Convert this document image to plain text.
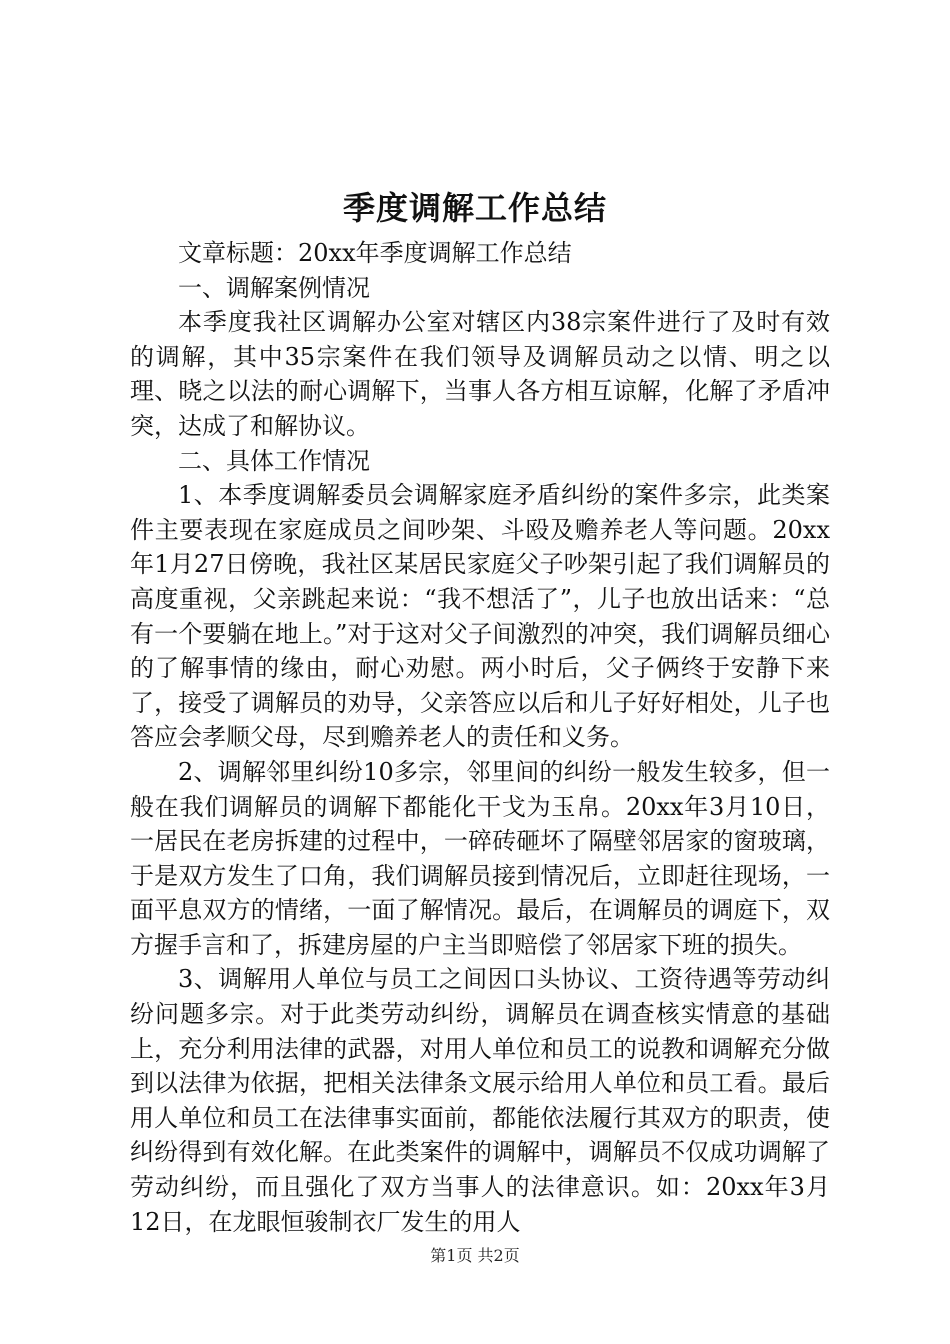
季度调解工作总结

文章标题：20xx年季度调解工作总结

一、调解案例情况

本季度我社区调解办公室对辖区内38宗案件进行了及时有效的调解，其中35宗案件在我们领导及调解员动之以情、明之以理、晓之以法的耐心调解下，当事人各方相互谅解，化解了矛盾冲突，达成了和解协议。

二、具体工作情况

1、本季度调解委员会调解家庭矛盾纠纷的案件多宗，此类案件主要表现在家庭成员之间吵架、斗殴及赡养老人等问题。20xx年1月27日傍晚，我社区某居民家庭父子吵架引起了我们调解员的高度重视，父亲跳起来说：“我不想活了”，儿子也放出话来：“总有一个要躺在地上。”对于这对父子间激烈的冲突，我们调解员细心的了解事情的缘由，耐心劝慰。两小时后，父子俩终于安静下来了，接受了调解员的劝导，父亲答应以后和儿子好好相处，儿子也答应会孝顺父母，尽到赡养老人的责任和义务。

2、调解邻里纠纷10多宗，邻里间的纠纷一般发生较多，但一般在我们调解员的调解下都能化干戈为玉帛。20xx年3月10日，一居民在老房拆建的过程中，一碎砖砸坏了隔壁邻居家的窗玻璃，于是双方发生了口角，我们调解员接到情况后，立即赶往现场，一面平息双方的情绪，一面了解情况。最后，在调解员的调庭下，双方握手言和了，拆建房屋的户主当即赔偿了邻居家下班的损失。

3、调解用人单位与员工之间因口头协议、工资待遇等劳动纠纷问题多宗。对于此类劳动纠纷，调解员在调查核实情意的基础上，充分利用法律的武器，对用人单位和员工的说教和调解充分做到以法律为依据，把相关法律条文展示给用人单位和员工看。最后用人单位和员工在法律事实面前，都能依法履行其双方的职责，使纠纷得到有效化解。在此类案件的调解中，调解员不仅成功调解了劳动纠纷，而且强化了双方当事人的法律意识。如：20xx年3月12日，在龙眼恒骏制衣厂发生的用人

第1页 共2页
